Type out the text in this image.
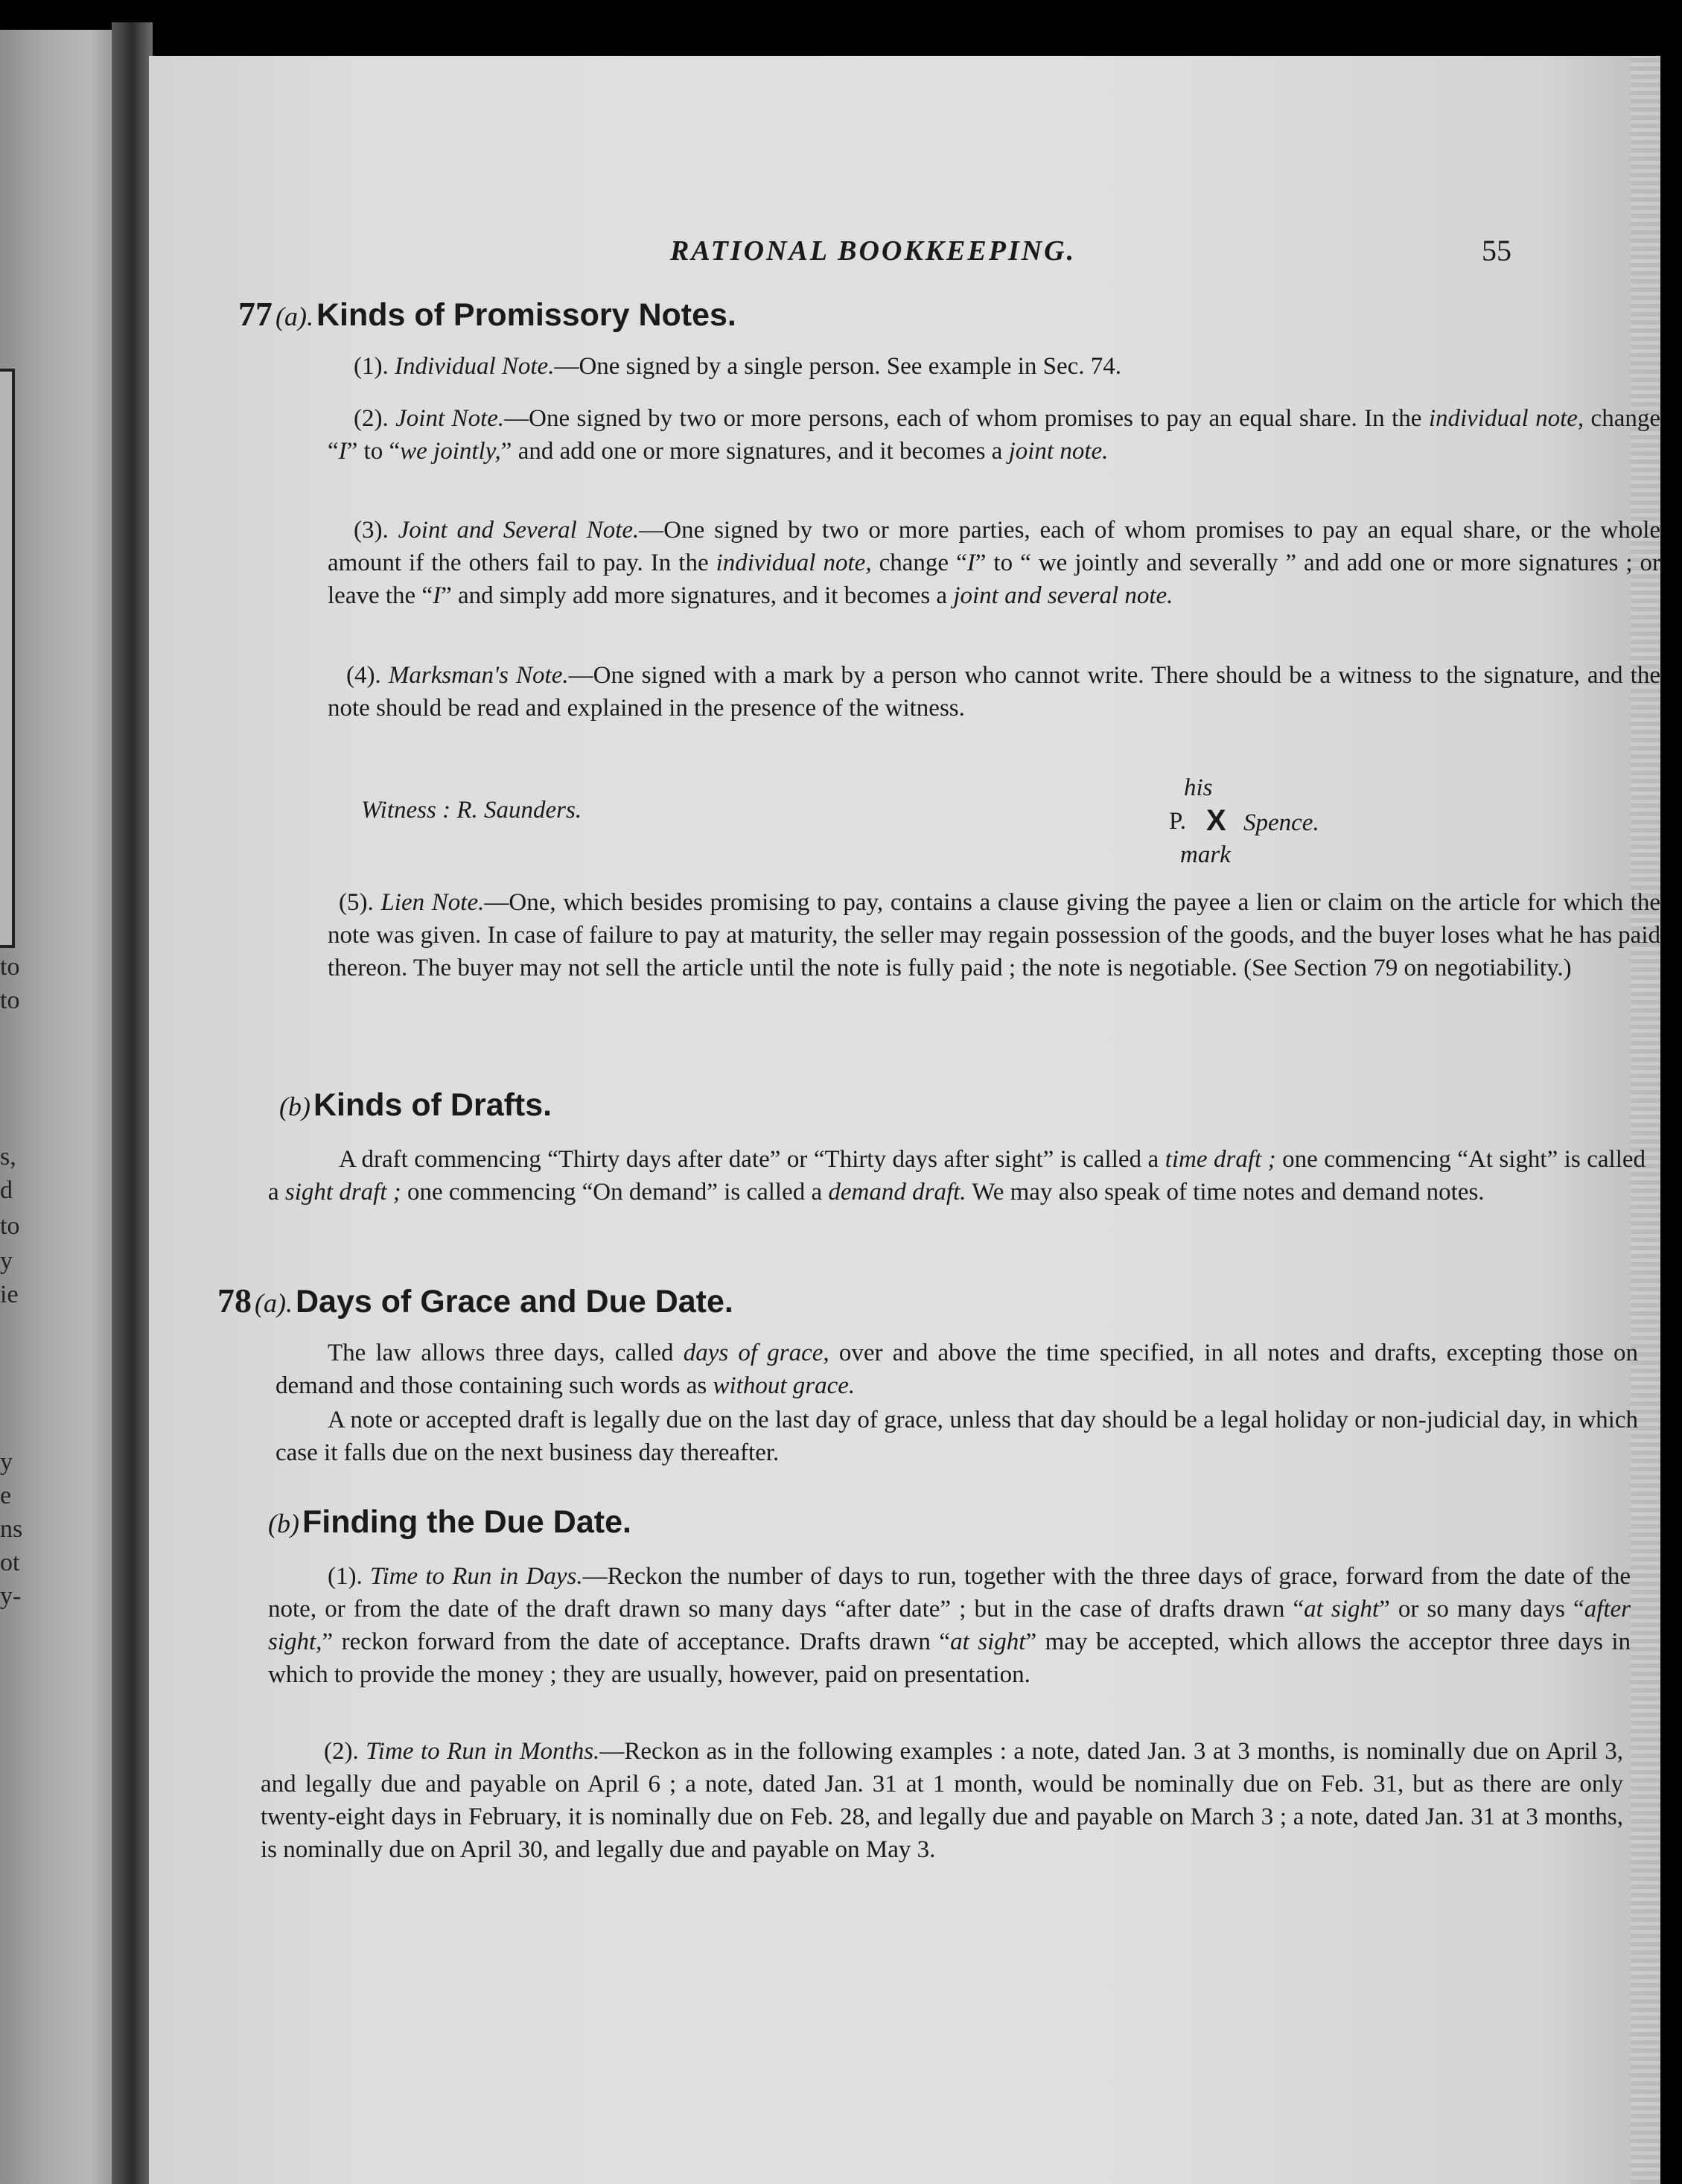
to
to
s,
d
to
y
ie
y
e
ns
ot
y-
RATIONAL BOOKKEEPING.	55
77 (a). Kinds of Promissory Notes.

(1). Individual Note.—One signed by a single person. See example in Sec. 74.

(2). Joint Note.—One signed by two or more persons, each of whom promises to pay an equal share. In the individual note, change “I” to “we jointly,” and add one or more signatures, and it becomes a joint note.

(3). Joint and Several Note.—One signed by two or more parties, each of whom promises to pay an equal share, or the whole amount if the others fail to pay. In the individual note, change “I” to “ we jointly and severally ” and add one or more signatures ; or leave the “I” and simply add more signatures, and it becomes a joint and several note.

(4). Marksman's Note.—One signed with a mark by a person who cannot write. There should be a witness to the signature, and the note should be read and explained in the presence of the witness.

Witness : R. Saunders.
his
P. X Spence.
mark

(5). Lien Note.—One, which besides promising to pay, contains a clause giving the payee a lien or claim on the article for which the note was given. In case of failure to pay at maturity, the seller may regain possession of the goods, and the buyer loses what he has paid thereon. The buyer may not sell the article until the note is fully paid ; the note is negotiable. (See Section 79 on negotiability.)

(b) Kinds of Drafts.

A draft commencing “Thirty days after date” or “Thirty days after sight” is called a time draft ; one commencing “At sight” is called a sight draft ; one commencing “On demand” is called a demand draft. We may also speak of time notes and demand notes.

78 (a). Days of Grace and Due Date.

The law allows three days, called days of grace, over and above the time specified, in all notes and drafts, excepting those on demand and those containing such words as without grace.

A note or accepted draft is legally due on the last day of grace, unless that day should be a legal holiday or non-judicial day, in which case it falls due on the next business day thereafter.

(b) Finding the Due Date.

(1). Time to Run in Days.—Reckon the number of days to run, together with the three days of grace, forward from the date of the note, or from the date of the draft drawn so many days “after date” ; but in the case of drafts drawn “at sight” or so many days “after sight,” reckon forward from the date of acceptance. Drafts drawn “at sight” may be accepted, which allows the acceptor three days in which to provide the money ; they are usually, however, paid on presentation.

(2). Time to Run in Months.—Reckon as in the following examples : a note, dated Jan. 3 at 3 months, is nominally due on April 3, and legally due and payable on April 6 ; a note, dated Jan. 31 at 1 month, would be nominally due on Feb. 31, but as there are only twenty-eight days in February, it is nominally due on Feb. 28, and legally due and payable on March 3 ; a note, dated Jan. 31 at 3 months, is nominally due on April 30, and legally due and payable on May 3.
